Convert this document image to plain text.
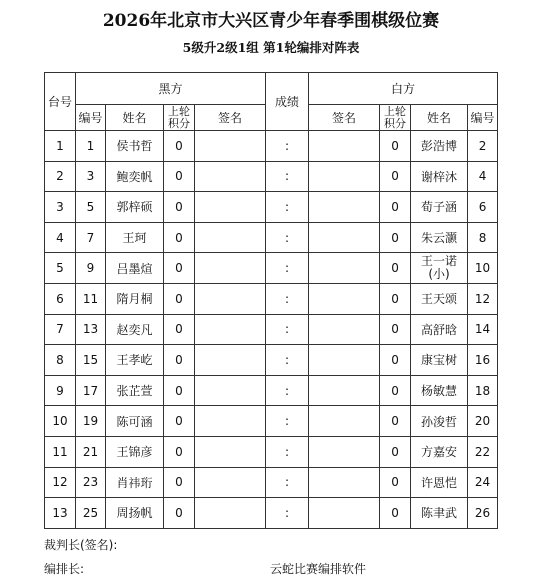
2026年北京市大兴区青少年春季围棋级位赛
5级升2级1组 第1轮编排对阵表
台号	黑方				成绩	白方			
	编号	姓名	上轮积分	签名		签名	上轮积分	姓名	编号
1	1	侯书哲	0		:		0	彭浩博	2
2	3	鲍奕帆	0		:		0	谢梓沐	4
3	5	郭梓硕	0		:		0	荀子涵	6
4	7	王珂	0		:		0	朱云灏	8
5	9	吕墨煊	0		:		0	王一诺(小)	10
6	11	隋月桐	0		:		0	王天颂	12
7	13	赵奕凡	0		:		0	高舒晗	14
8	15	王孝屹	0		:		0	康宝树	16
9	17	张芷萱	0		:		0	杨敏慧	18
10	19	陈可涵	0		:		0	孙浚哲	20
11	21	王锦彦	0		:		0	方嘉安	22
12	23	肖祎珩	0		:		0	许恩恺	24
13	25	周扬帆	0		:		0	陈聿武	26
裁判长(签名):
编排长:	云蛇比赛编排软件
